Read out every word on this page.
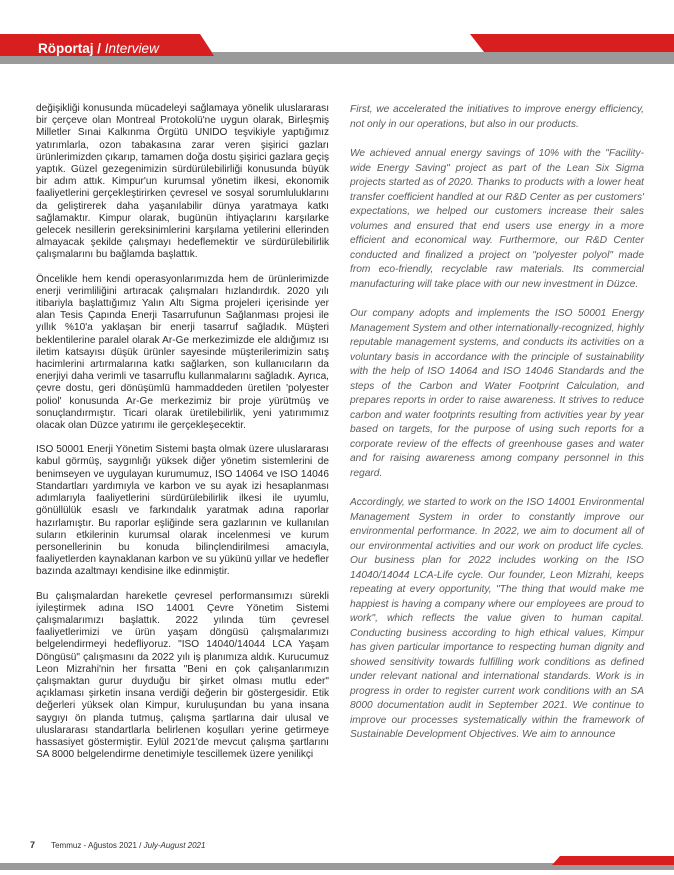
Röportaj / Interview

değişikliği konusunda mücadeleyi sağlamaya yönelik uluslararası bir çerçeve olan Montreal Protokolü'ne uygun olarak, Birleşmiş Milletler Sınai Kalkınma Örgütü UNIDO teşvikiyle yaptığımız yatırımlarla, ozon tabakasına zarar veren şişirici gazları ürünlerimizden çıkarıp, tamamen doğa dostu şişirici gazlara geçiş yaptık. Güzel gezegenimizin sürdürülebilirliği konusunda büyük bir adım attık. Kimpur'un kurumsal yönetim ilkesi, ekonomik faaliyetlerini gerçekleştirirken çevresel ve sosyal sorumluluklarını da geliştirerek daha yaşanılabilir dünya yaratmaya katkı sağlamaktır. Kimpur olarak, bugünün ihtiyaçlarını karşılarke gelecek nesillerin gereksinimlerini karşılama yetilerini ellerinden almayacak şekilde çalışmayı hedeflemektir ve sürdürülebilirlik çalışmalarını bu bağlamda başlattık.

Öncelikle hem kendi operasyonlarımızda hem de ürünlerimizde enerji verimliliğini artıracak çalışmaları hızlandırdık. 2020 yılı itibariyla başlattığımız Yalın Altı Sigma projeleri içerisinde yer alan Tesis Çapında Enerji Tasarrufunun Sağlanması projesi ile yıllık %10'a yaklaşan bir enerji tasarruf sağladık. Müşteri beklentilerine paralel olarak Ar-Ge merkezimizde ele aldığımız ısı iletim katsayısı düşük ürünler sayesinde müşterilerimizin satış hacimlerini artırmalarına katkı sağlarken, son kullanıcıların da enerjiyi daha verimli ve tasarruflu kullanmalarını sağladık. Ayrıca, çevre dostu, geri dönüşümlü hammaddeden üretilen 'polyester poliol' konusunda Ar-Ge merkezimiz bir proje yürütmüş ve sonuçlandırmıştır. Ticari olarak üretilebilirlik, yeni yatırımımız olacak olan Düzce yatırımı ile gerçekleşecektir.

ISO 50001 Enerji Yönetim Sistemi başta olmak üzere uluslararası kabul görmüş, saygınlığı yüksek diğer yönetim sistemlerini de benimseyen ve uygulayan kurumumuz, ISO 14064 ve ISO 14046 Standartları yardımıyla ve karbon ve su ayak izi hesaplanması adımlarıyla faaliyetlerini sürdürülebilirlik ilkesi ile uyumlu, gönüllülük esaslı ve farkındalık yaratmak adına raporlar hazırlamıştır. Bu raporlar eşliğinde sera gazlarının ve kullanılan suların etkilerinin kurumsal olarak incelenmesi ve kurum personellerinin bu konuda bilinçlendirilmesi amacıyla, faaliyetlerden kaynaklanan karbon ve su yükünü yıllar ve hedefler bazında azaltmayı kendisine ilke edinmiştir.

Bu çalışmalardan hareketle çevresel performansımızı sürekli iyileştirmek adına ISO 14001 Çevre Yönetim Sistemi çalışmalarımızı başlattık. 2022 yılında tüm çevresel faaliyetlerimizi ve ürün yaşam döngüsü çalışmalarımızı belgelendirmeyi hedefliyoruz. "ISO 14040/14044 LCA Yaşam Döngüsü" çalışmasını da 2022 yılı iş planımıza aldık. Kurucumuz Leon Mizrahi'nin her fırsatta "Beni en çok çalışanlarımızın çalışmaktan gurur duyduğu bir şirket olması mutlu eder" açıklaması şirketin insana verdiği değerin bir göstergesidir. Etik değerleri yüksek olan Kimpur, kuruluşundan bu yana insana saygıyı ön planda tutmuş, çalışma şartlarına dair ulusal ve uluslararası standartlarla belirlenen koşulları yerine getirmeye hassasiyet göstermiştir. Eylül 2021'de mevcut çalışma şartlarını SA 8000 belgelendirme denetimiyle tescillemek üzere yenilikçi

First, we accelerated the initiatives to improve energy efficiency, not only in our operations, but also in our products.

We achieved annual energy savings of 10% with the "Facility-wide Energy Saving" project as part of the Lean Six Sigma projects started as of 2020. Thanks to products with a lower heat transfer coefficient handled at our R&D Center as per customers' expectations, we helped our customers increase their sales volumes and ensured that end users use energy in a more efficient and economical way. Furthermore, our R&D Center conducted and finalized a project on "polyester polyol" made from eco-friendly, recyclable raw materials. Its commercial manufacturing will take place with our new investment in Düzce.

Our company adopts and implements the ISO 50001 Energy Management System and other internationally-recognized, highly reputable management systems, and conducts its activities on a voluntary basis in accordance with the principle of sustainability with the help of ISO 14064 and ISO 14046 Standards and the steps of the Carbon and Water Footprint Calculation, and prepares reports in order to raise awareness. It strives to reduce carbon and water footprints resulting from activities year by year based on targets, for the purpose of using such reports for a corporate review of the effects of greenhouse gases and water and for raising awareness among company personnel in this regard.

Accordingly, we started to work on the ISO 14001 Environmental Management System in order to constantly improve our environmental performance. In 2022, we aim to document all of our environmental activities and our work on product life cycles. Our business plan for 2022 includes working on the ISO 14040/14044 LCA-Life cycle. Our founder, Leon Mizrahi, keeps repeating at every opportunity, "The thing that would make me happiest is having a company where our employees are proud to work", which reflects the value given to human capital. Conducting business according to high ethical values, Kimpur has given particular importance to respecting human dignity and showed sensitivity towards fulfilling work conditions as defined under relevant national and international standards. Work is in progress in order to register current work conditions with an SA 8000 documentation audit in September 2021. We continue to improve our processes systematically within the framework of Sustainable Development Objectives. We aim to announce

7 Temmuz - Ağustos 2021 / July-August 2021
